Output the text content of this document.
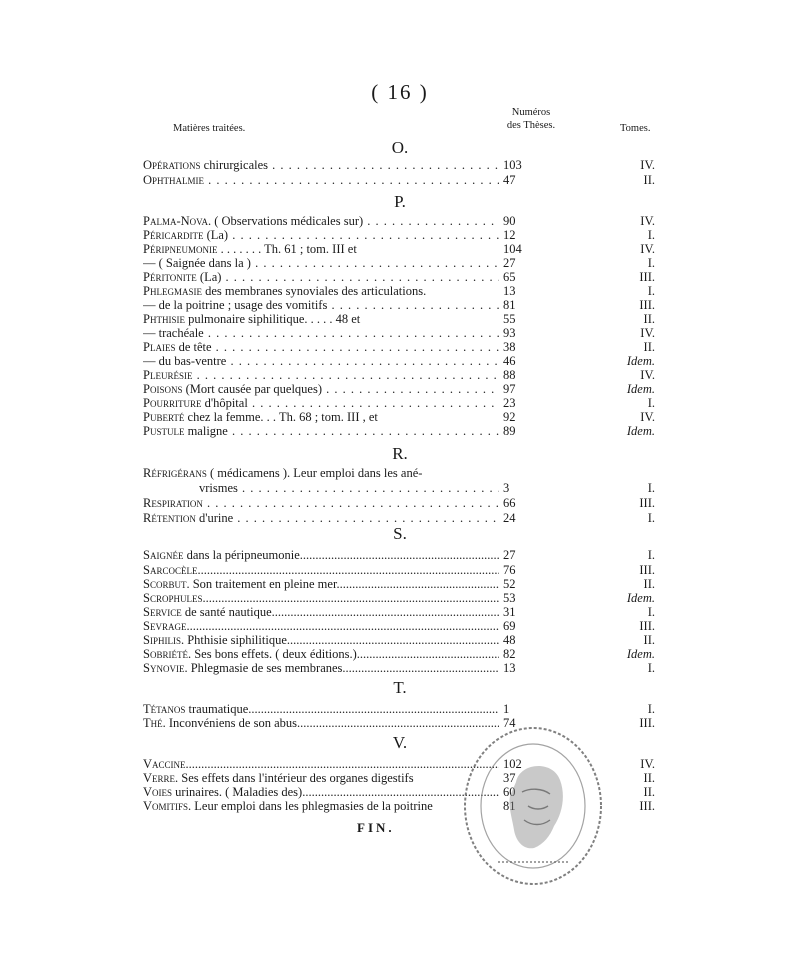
( 16 )
Matières traitées.
Numéros
des Thèses.	Tomes.
O.
Opérations chirurgicales . . .	103	IV.
Ophthalmie . . .	47	II.
P.
Palma-Nova. ( Observations médicales sur) . . .	90	IV.
Péricardite (La) . . .	12	I.
Péripneumonie . . . . . . . Th. 61 ; tom. III et	104	IV.
— ( Saignée dans la ) . . .	27	I.
Péritonite (La) . . .	65	III.
Phlegmasie des membranes synoviales des articulations.	13	I.
— de la poitrine ; usage des vomitifs . . .	81	III.
Phthisie pulmonaire siphilitique. . . . . 48 et	55	II.
— trachéale . . .	93	IV.
Plaies de tête . . .	38	II.
— du bas-ventre . . .	46	Idem.
Pleurésie . . .	88	IV.
Poisons (Mort causée par quelques) . . .	97	Idem.
Pourriture d'hôpital . . .	23	I.
Puberté chez la femme. . . Th. 68 ; tom. III , et	92	IV.
Pustule maligne . . .	89	Idem.
R.
Réfrigérans ( médicamens ). Leur emploi dans les ané-
vrismes . . .	3	I.
Respiration . . .	66	III.
Rétention d'urine . . .	24	I.
S.
Saignée dans la péripneumonie .....	27	I.
Sarcocèle .....	76	III.
Scorbut. Son traitement en pleine mer .....	52	II.
Scrophules .....	53	Idem.
Service de santé nautique .....	31	I.
Sevrage .....	69	III.
Siphilis. Phthisie siphilitique .....	48	II.
Sobriété. Ses bons effets. ( deux éditions.) .....	82	Idem.
Synovie. Phlegmasie de ses membranes .....	13	I.
T.
Tétanos traumatique .....	1	I.
Thé. Inconvéniens de son abus .....	74	III.
V.
Vaccine .....	102	IV.
Verre. Ses effets dans l'intérieur des organes digestifs	37	II.
Voies urinaires. ( Maladies des) .....	60	II.
Vomitifs. Leur emploi dans les phlegmasies de la poitrine	81	III.
FIN.
